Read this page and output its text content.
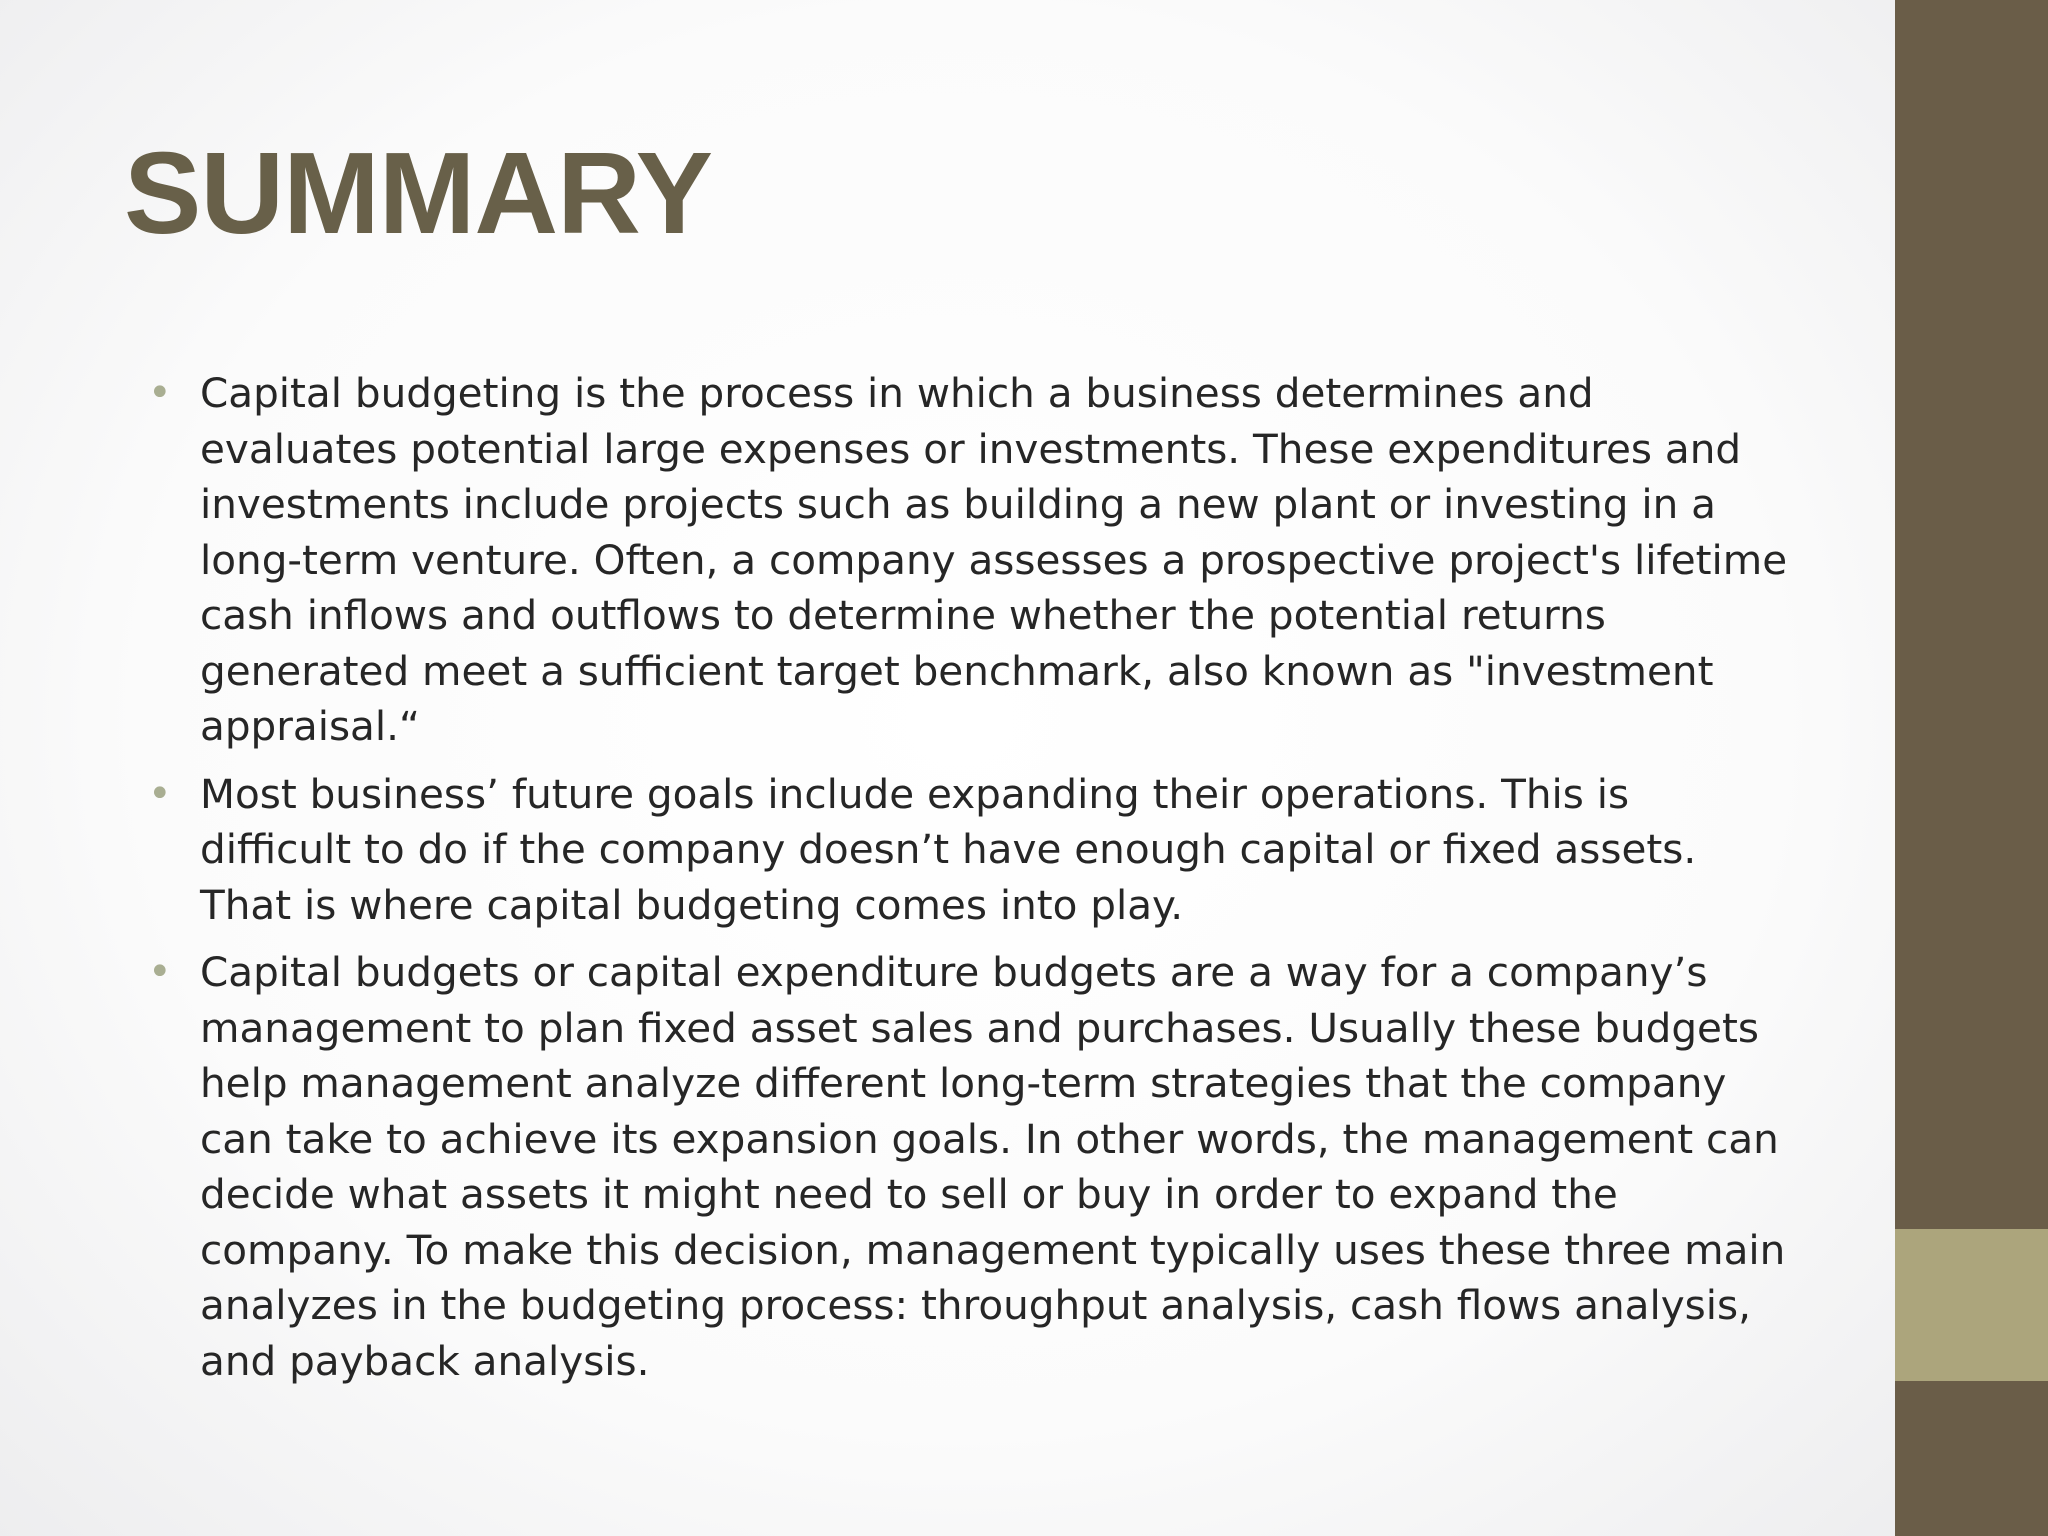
SUMMARY
• Capital budgeting is the process in which a business determines and evaluates potential large expenses or investments. These expenditures and investments include projects such as building a new plant or investing in a long-term venture. Often, a company assesses a prospective project's lifetime cash inflows and outflows to determine whether the potential returns generated meet a sufficient target benchmark, also known as "investment appraisal.“
• Most business’ future goals include expanding their operations. This is difficult to do if the company doesn’t have enough capital or fixed assets. That is where capital budgeting comes into play.
• Capital budgets or capital expenditure budgets are a way for a company’s management to plan fixed asset sales and purchases. Usually these budgets help management analyze different long-term strategies that the company can take to achieve its expansion goals. In other words, the management can decide what assets it might need to sell or buy in order to expand the company. To make this decision, management typically uses these three main analyzes in the budgeting process: throughput analysis, cash flows analysis, and payback analysis.
